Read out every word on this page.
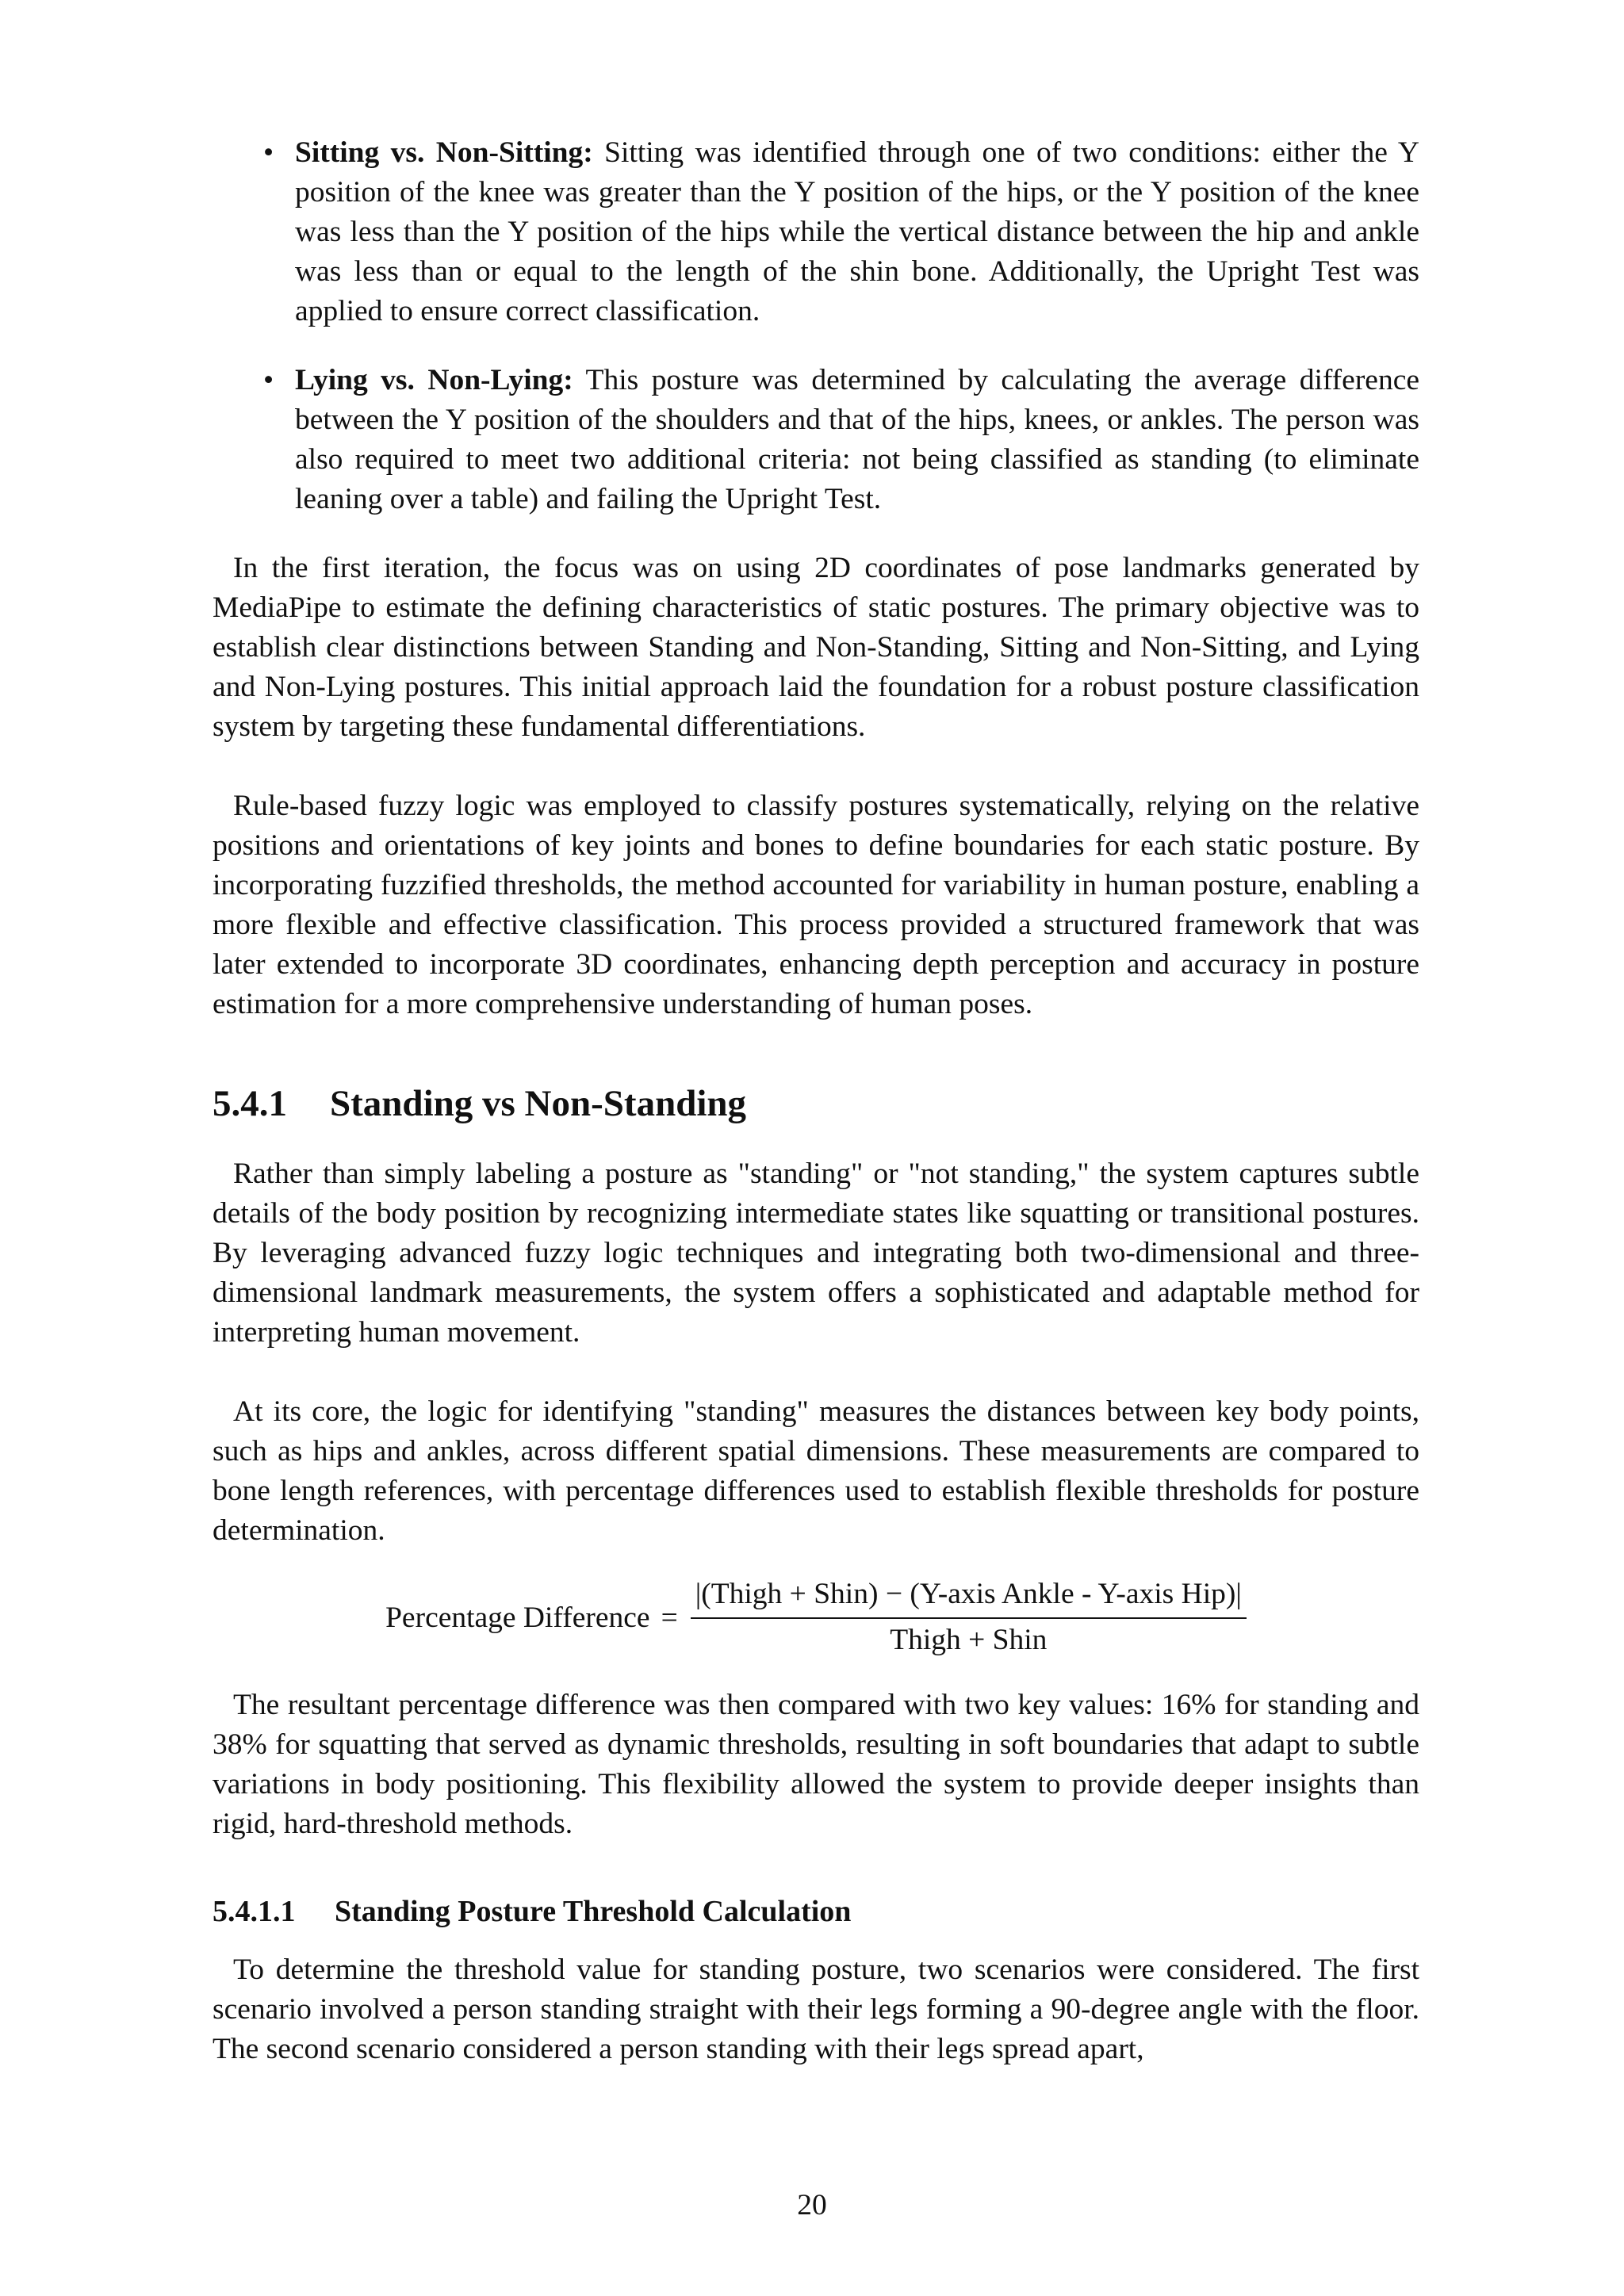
• Sitting vs. Non-Sitting: Sitting was identified through one of two conditions: either the Y position of the knee was greater than the Y position of the hips, or the Y position of the knee was less than the Y position of the hips while the vertical distance between the hip and ankle was less than or equal to the length of the shin bone. Additionally, the Upright Test was applied to ensure correct classification.
• Lying vs. Non-Lying: This posture was determined by calculating the average difference between the Y position of the shoulders and that of the hips, knees, or ankles. The person was also required to meet two additional criteria: not being classified as standing (to eliminate leaning over a table) and failing the Upright Test.

In the first iteration, the focus was on using 2D coordinates of pose landmarks generated by MediaPipe to estimate the defining characteristics of static postures. The primary objective was to establish clear distinctions between Standing and Non-Standing, Sitting and Non-Sitting, and Lying and Non-Lying postures. This initial approach laid the foundation for a robust posture classification system by targeting these fundamental differentiations.

Rule-based fuzzy logic was employed to classify postures systematically, relying on the relative positions and orientations of key joints and bones to define boundaries for each static posture. By incorporating fuzzified thresholds, the method accounted for variability in human posture, enabling a more flexible and effective classification. This process provided a structured framework that was later extended to incorporate 3D coordinates, enhancing depth perception and accuracy in posture estimation for a more comprehensive understanding of human poses.

5.4.1 Standing vs Non-Standing

Rather than simply labeling a posture as "standing" or "not standing," the system captures subtle details of the body position by recognizing intermediate states like squatting or transitional postures. By leveraging advanced fuzzy logic techniques and integrating both two-dimensional and three-dimensional landmark measurements, the system offers a sophisticated and adaptable method for interpreting human movement.

At its core, the logic for identifying "standing" measures the distances between key body points, such as hips and ankles, across different spatial dimensions. These measurements are compared to bone length references, with percentage differences used to establish flexible thresholds for posture determination.

Percentage Difference = $\frac{\text{|(Thigh + Shin) − (Y-axis Ankle - Y-axis Hip)|}}{\text{Thigh + Shin}}$

The resultant percentage difference was then compared with two key values: 16% for standing and 38% for squatting that served as dynamic thresholds, resulting in soft boundaries that adapt to subtle variations in body positioning. This flexibility allowed the system to provide deeper insights than rigid, hard-threshold methods.

5.4.1.1 Standing Posture Threshold Calculation

To determine the threshold value for standing posture, two scenarios were considered. The first scenario involved a person standing straight with their legs forming a 90-degree angle with the floor. The second scenario considered a person standing with their legs spread apart,

20
